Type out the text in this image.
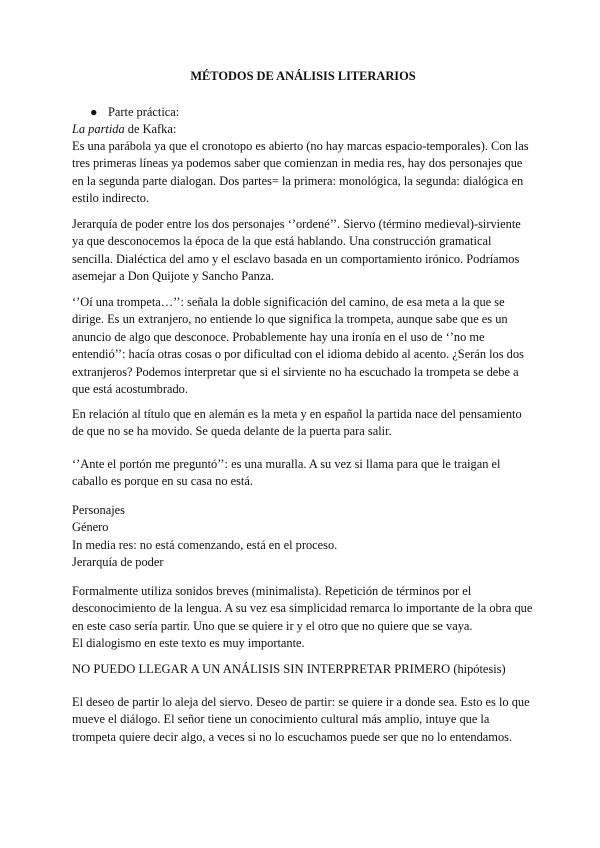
MÉTODOS DE ANÁLISIS LITERARIOS
● Parte práctica:
La partida de Kafka:

Es una parábola ya que el cronotopo es abierto (no hay marcas espacio-temporales). Con las tres primeras líneas ya podemos saber que comienzan in media res, hay dos personajes que en la segunda parte dialogan. Dos partes= la primera: monológica, la segunda: dialógica en estilo indirecto.

Jerarquía de poder entre los dos personajes ‘’ordené’’. Siervo (término medieval)-sirviente ya que desconocemos la época de la que está hablando. Una construcción gramatical sencilla. Dialéctica del amo y el esclavo basada en un comportamiento irónico. Podríamos asemejar a Don Quijote y Sancho Panza.

‘’Oí una trompeta…’’: señala la doble significación del camino, de esa meta a la que se dirige. Es un extranjero, no entiende lo que significa la trompeta, aunque sabe que es un anuncio de algo que desconoce. Probablemente hay una ironía en el uso de ‘’no me entendió’’: hacía otras cosas o por dificultad con el idioma debido al acento. ¿Serán los dos extranjeros? Podemos interpretar que si el sirviente no ha escuchado la trompeta se debe a que está acostumbrado.

En relación al título que en alemán es la meta y en español la partida nace del pensamiento de que no se ha movido. Se queda delante de la puerta para salir.

‘’Ante el portón me preguntó’’: es una muralla. A su vez si llama para que le traigan el caballo es porque en su casa no está.

Personajes

Género

In media res: no está comenzando, está en el proceso.

Jerarquía de poder

Formalmente utiliza sonidos breves (minimalista). Repetición de términos por el desconocimiento de la lengua. A su vez esa simplicidad remarca lo importante de la obra que en este caso sería partir. Uno que se quiere ir y el otro que no quiere que se vaya.

El dialogismo en este texto es muy importante.

NO PUEDO LLEGAR A UN ANÁLISIS SIN INTERPRETAR PRIMERO (hipótesis)

El deseo de partir lo aleja del siervo. Deseo de partir: se quiere ir a donde sea. Esto es lo que mueve el diálogo. El señor tiene un conocimiento cultural más amplio, intuye que la trompeta quiere decir algo, a veces si no lo escuchamos puede ser que no lo entendamos.
